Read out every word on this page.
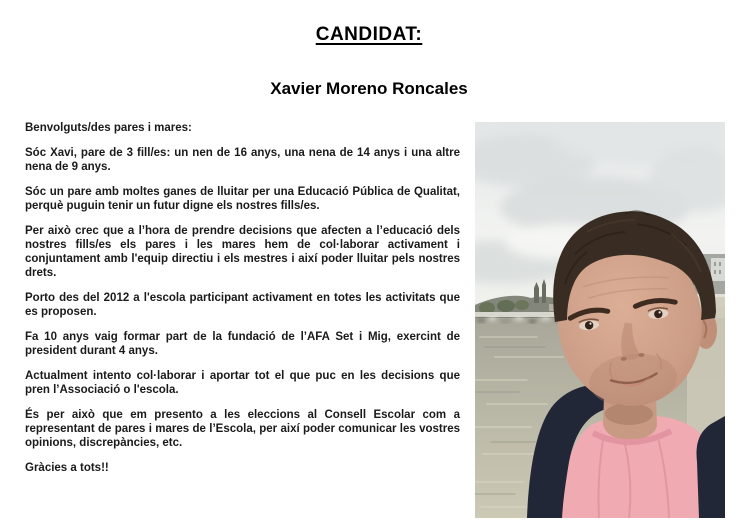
CANDIDAT:
Xavier Moreno Roncales

Benvolguts/des pares i mares:

Sóc Xavi, pare de 3 fill/es: un nen de 16 anys, una nena de 14 anys i una altre nena de 9 anys.

Sóc un pare amb moltes ganes de lluitar per una Educació Pública de Qualitat, perquè puguin tenir un futur digne els nostres fills/es.

Per això crec que a l’hora de prendre decisions que afecten a l’educació dels nostres fills/es els pares i les mares hem de col·laborar activament i conjuntament amb l'equip directiu i els mestres i així poder lluitar pels nostres drets.

Porto des del 2012 a l'escola participant activament en totes les activitats que es proposen.

Fa 10 anys vaig formar part de la fundació de l’AFA Set i Mig, exercint de president durant 4 anys.

Actualment intento col·laborar i aportar tot el que puc en les decisions que pren l’Associació o l'escola.

És per això que em presento a les eleccions al Consell Escolar com a representant de pares i mares de l’Escola, per així poder comunicar les vostres opinions, discrepàncies, etc.

Gràcies a tots!!
